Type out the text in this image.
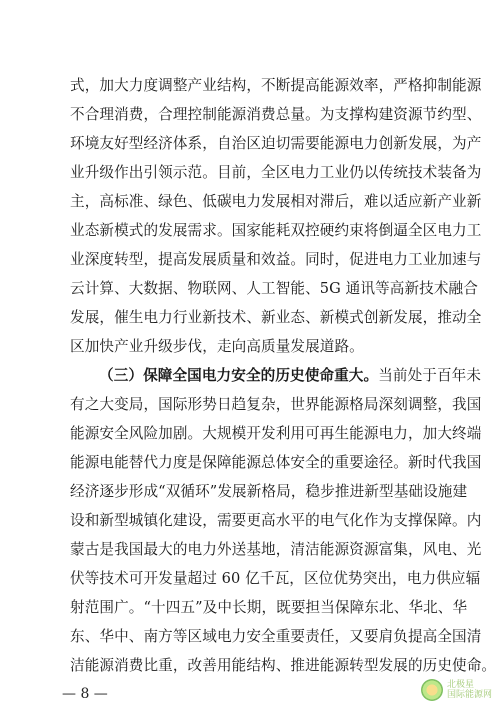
式，加大力度调整产业结构，不断提高能源效率，严格抑制能源
不合理消费，合理控制能源消费总量。为支撑构建资源节约型、
环境友好型经济体系，自治区迫切需要能源电力创新发展，为产
业升级作出引领示范。目前，全区电力工业仍以传统技术装备为
主，高标准、绿色、低碳电力发展相对滞后，难以适应新产业新
业态新模式的发展需求。国家能耗双控硬约束将倒逼全区电力工
业深度转型，提高发展质量和效益。同时，促进电力工业加速与
云计算、大数据、物联网、人工智能、5G 通讯等高新技术融合
发展，催生电力行业新技术、新业态、新模式创新发展，推动全
区加快产业升级步伐，走向高质量发展道路。
（三）保障全国电力安全的历史使命重大。当前处于百年未
有之大变局，国际形势日趋复杂，世界能源格局深刻调整，我国
能源安全风险加剧。大规模开发利用可再生能源电力，加大终端
能源电能替代力度是保障能源总体安全的重要途径。新时代我国
经济逐步形成“双循环”发展新格局，稳步推进新型基础设施建
设和新型城镇化建设，需要更高水平的电气化作为支撑保障。内
蒙古是我国最大的电力外送基地，清洁能源资源富集，风电、光
伏等技术可开发量超过 60 亿千瓦，区位优势突出，电力供应辐
射范围广。“十四五”及中长期，既要担当保障东北、华北、华
东、华中、南方等区域电力安全重要责任，又要肩负提高全国清
洁能源消费比重，改善用能结构、推进能源转型发展的历史使命。
— 8 —
北极星
国际能源网
